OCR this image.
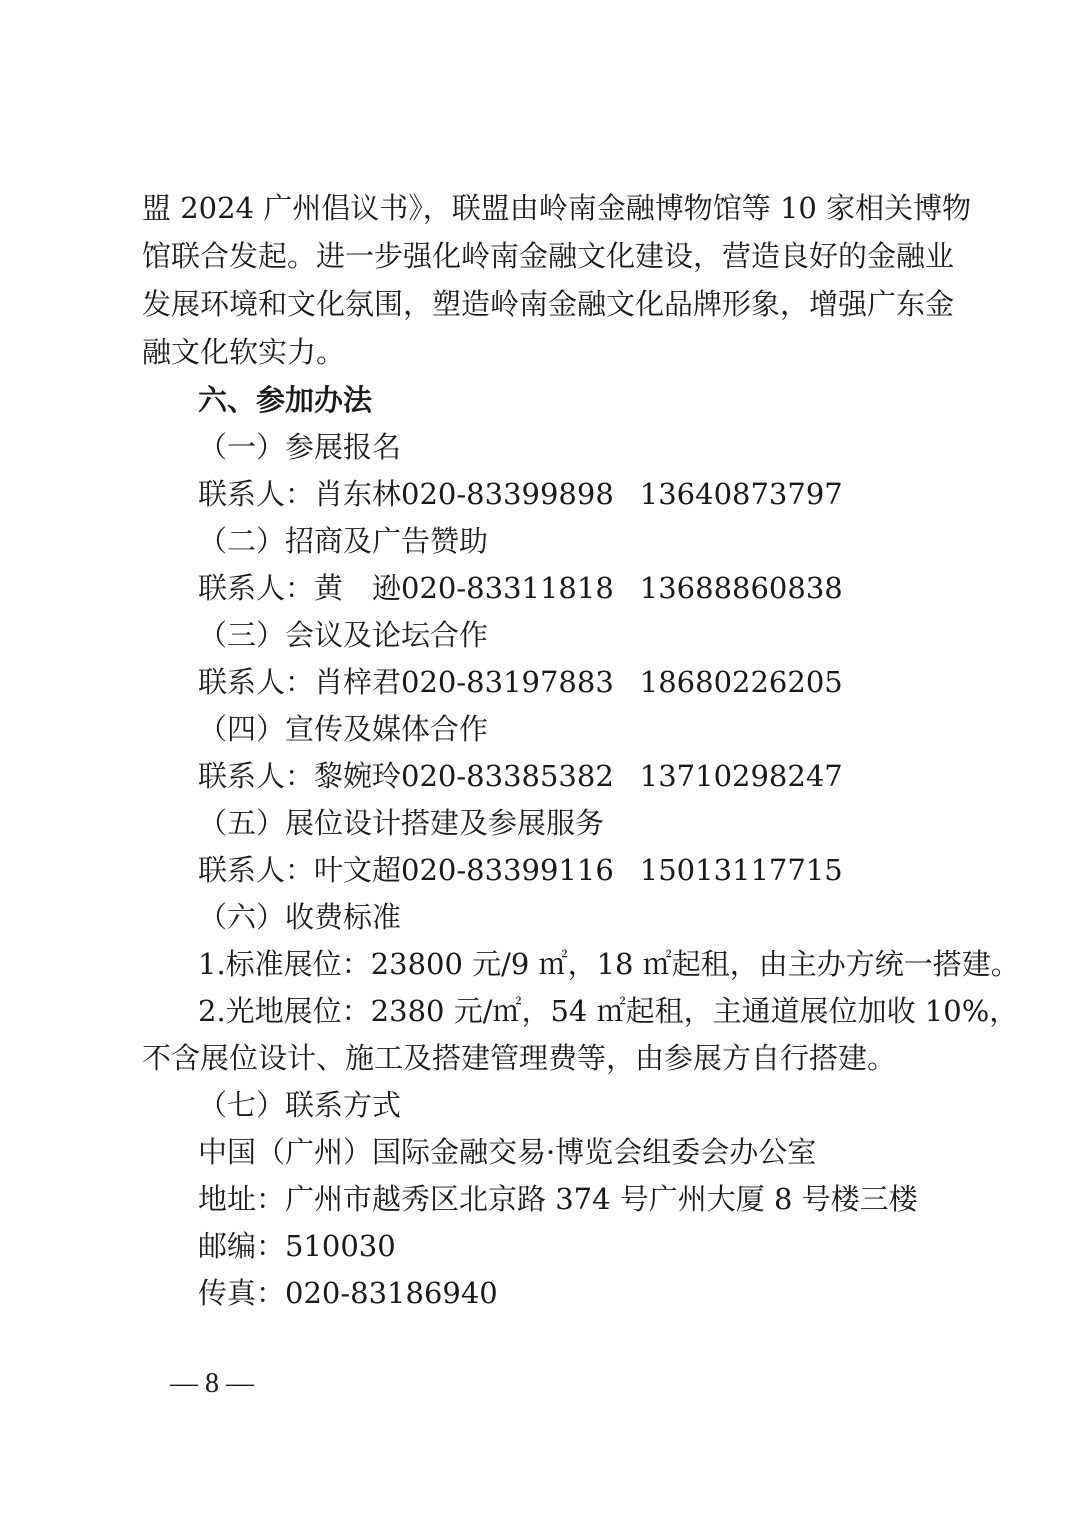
盟 2024 广州倡议书》，联盟由岭南金融博物馆等 10 家相关博物
馆联合发起。进一步强化岭南金融文化建设，营造良好的金融业
发展环境和文化氛围，塑造岭南金融文化品牌形象，增强广东金
融文化软实力。
六、参加办法
（一）参展报名
联系人：肖东林020-83399898 13640873797
（二）招商及广告赞助
联系人：黄　逊020-83311818 13688860838
（三）会议及论坛合作
联系人：肖梓君020-83197883 18680226205
（四）宣传及媒体合作
联系人：黎婉玲020-83385382 13710298247
（五）展位设计搭建及参展服务
联系人：叶文超020-83399116 15013117715
（六）收费标准
1.标准展位：23800 元/9 ㎡，18 ㎡起租，由主办方统一搭建。
2.光地展位：2380 元/㎡，54 ㎡起租，主通道展位加收 10%，
不含展位设计、施工及搭建管理费等，由参展方自行搭建。
（七）联系方式
中国（广州）国际金融交易·博览会组委会办公室
地址：广州市越秀区北京路 374 号广州大厦 8 号楼三楼
邮编：510030
传真：020-83186940
— 8 —
